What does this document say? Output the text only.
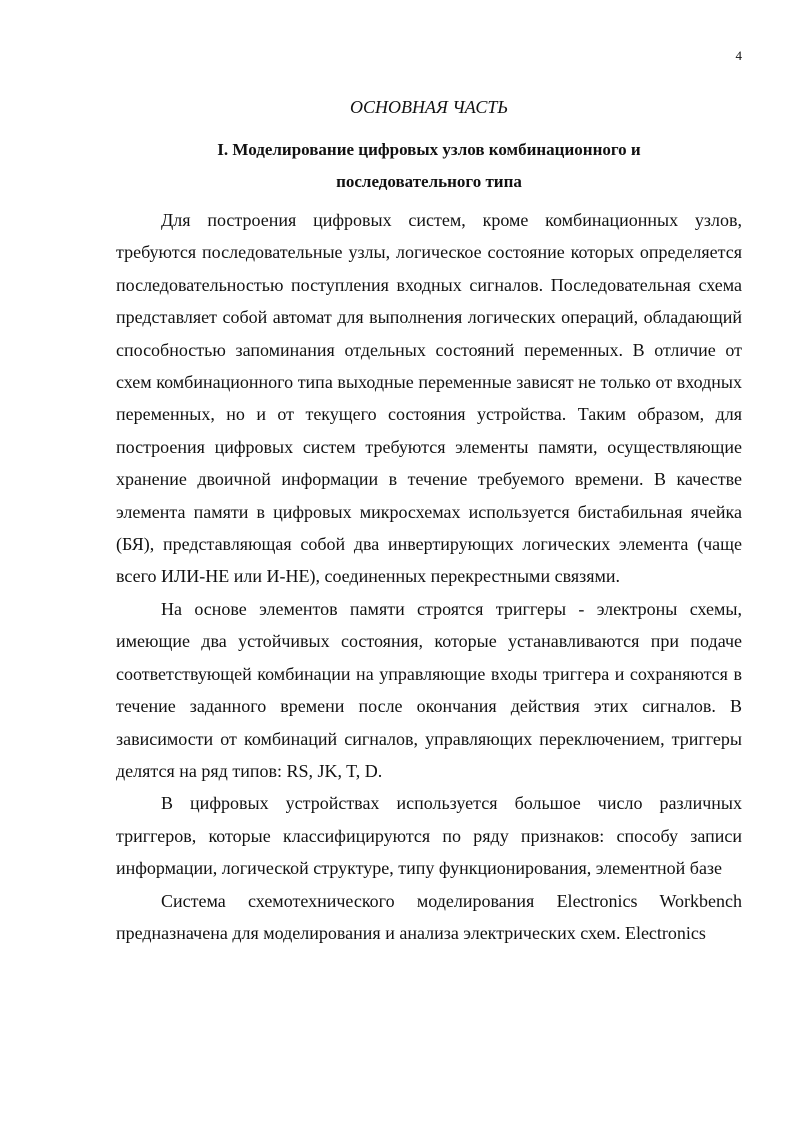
4
ОСНОВНАЯ ЧАСТЬ
I. Моделирование цифровых узлов комбинационного и
последовательного типа

Для построения цифровых систем, кроме комбинационных узлов, требуются последовательные узлы, логическое состояние которых определяется последовательностью поступления входных сигналов. Последовательная схема представляет собой автомат для выполнения логических операций, обладающий способностью запоминания отдельных состояний переменных. В отличие от схем комбинационного типа выходные переменные зависят не только от входных переменных, но и от текущего состояния устройства. Таким образом, для построения цифровых систем требуются элементы памяти, осуществляющие хранение двоичной информации в течение требуемого времени. В качестве элемента памяти в цифровых микросхемах используется бистабильная ячейка (БЯ), представляющая собой два инвертирующих логических элемента (чаще всего ИЛИ-НЕ или И-НЕ), соединенных перекрестными связями.

На основе элементов памяти строятся триггеры - электроны схемы, имеющие два устойчивых состояния, которые устанавливаются при подаче соответствующей комбинации на управляющие входы триггера и сохраняются в течение заданного времени после окончания действия этих сигналов. В зависимости от комбинаций сигналов, управляющих переключением, триггеры делятся на ряд типов: RS, JK, T, D.

В цифровых устройствах используется большое число различных триггеров, которые классифицируются по ряду признаков: способу записи информации, логической структуре, типу функционирования, элементной базе

Система схемотехнического моделирования Electronics Workbench предназначена для моделирования и анализа электрических схем. Electronics
